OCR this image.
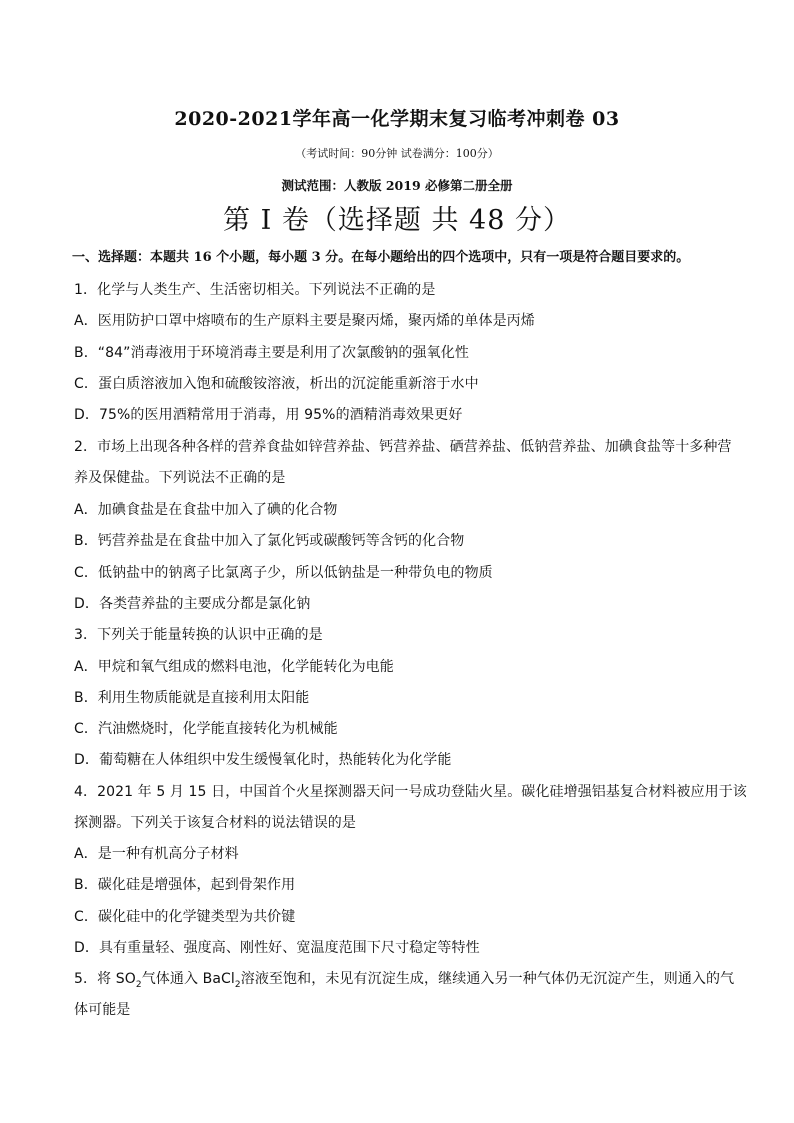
2020-2021学年高一化学期末复习临考冲刺卷 03
（考试时间：90分钟 试卷满分：100分）
测试范围：人教版 2019 必修第二册全册
第 I 卷（选择题 共 48 分）
一、选择题：本题共 16 个小题，每小题 3 分。在每小题给出的四个选项中，只有一项是符合题目要求的。
1．化学与人类生产、生活密切相关。下列说法不正确的是
A．医用防护口罩中熔喷布的生产原料主要是聚丙烯，聚丙烯的单体是丙烯
B．“84”消毒液用于环境消毒主要是利用了次氯酸钠的强氧化性
C．蛋白质溶液加入饱和硫酸铵溶液，析出的沉淀能重新溶于水中
D．75%的医用酒精常用于消毒，用 95%的酒精消毒效果更好
2．市场上出现各种各样的营养食盐如锌营养盐、钙营养盐、硒营养盐、低钠营养盐、加碘食盐等十多种营
养及保健盐。下列说法不正确的是
A．加碘食盐是在食盐中加入了碘的化合物
B．钙营养盐是在食盐中加入了氯化钙或碳酸钙等含钙的化合物
C．低钠盐中的钠离子比氯离子少，所以低钠盐是一种带负电的物质
D．各类营养盐的主要成分都是氯化钠
3．下列关于能量转换的认识中正确的是
A．甲烷和氧气组成的燃料电池，化学能转化为电能
B．利用生物质能就是直接利用太阳能
C．汽油燃烧时，化学能直接转化为机械能
D．葡萄糖在人体组织中发生缓慢氧化时，热能转化为化学能
4．2021 年 5 月 15 日，中国首个火星探测器天问一号成功登陆火星。碳化硅增强铝基复合材料被应用于该
探测器。下列关于该复合材料的说法错误的是
A．是一种有机高分子材料
B．碳化硅是增强体，起到骨架作用
C．碳化硅中的化学键类型为共价键
D．具有重量轻、强度高、刚性好、宽温度范围下尺寸稳定等特性
5．将 $SO_2$气体通入 BaCl$_2$溶液至饱和，未见有沉淀生成，继续通入另一种气体仍无沉淀产生，则通入的气
体可能是
